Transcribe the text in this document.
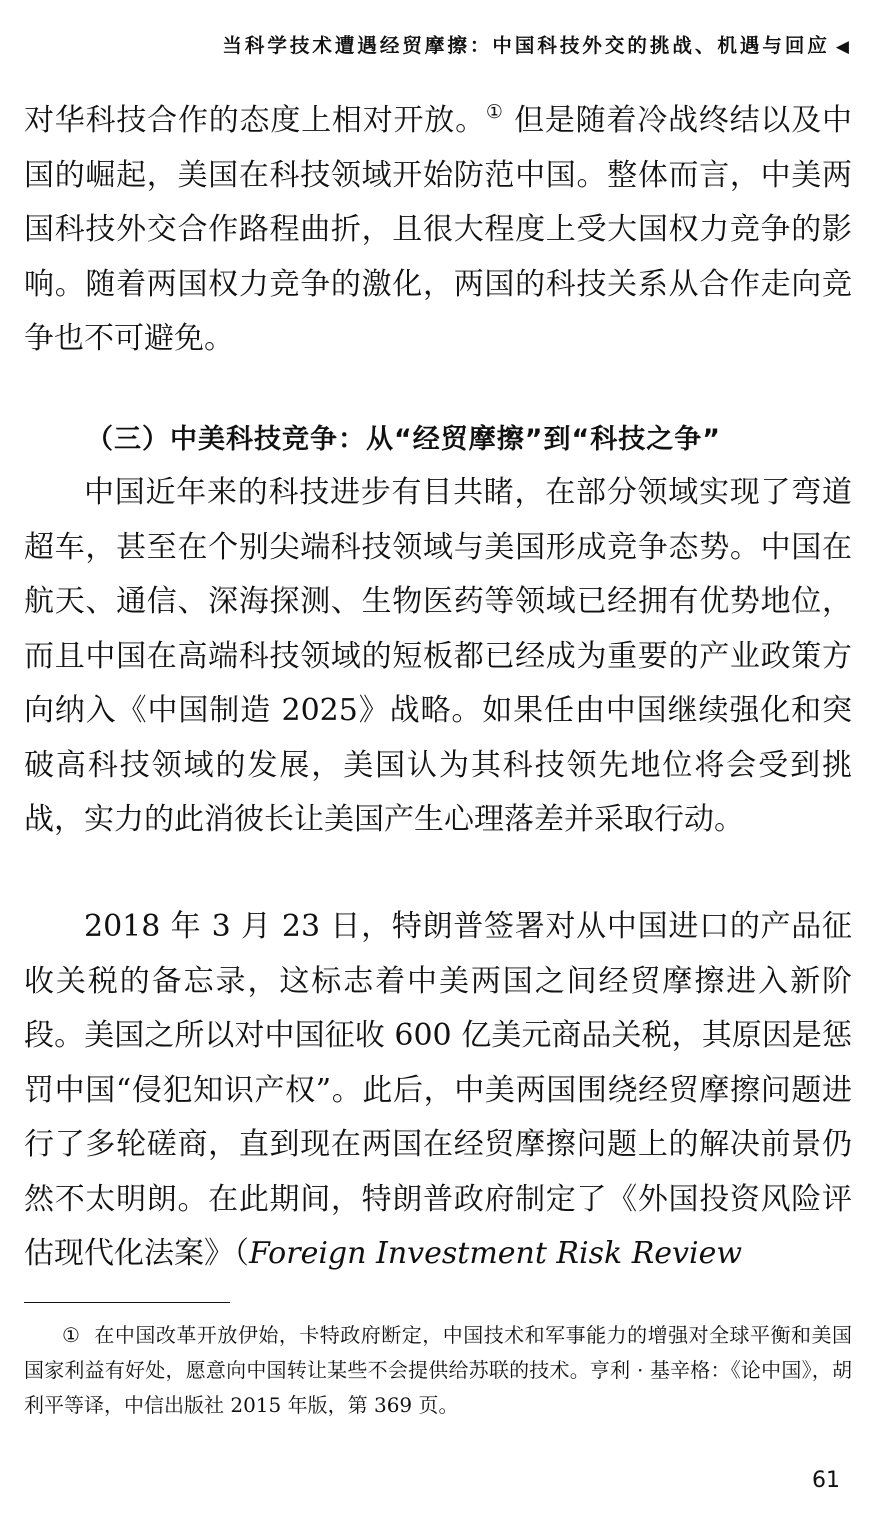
当科学技术遭遇经贸摩擦：中国科技外交的挑战、机遇与回应 ◀

对华科技合作的态度上相对开放。① 但是随着冷战终结以及中国的崛起，美国在科技领域开始防范中国。整体而言，中美两国科技外交合作路程曲折，且很大程度上受大国权力竞争的影响。随着两国权力竞争的激化，两国的科技关系从合作走向竞争也不可避免。

（三）中美科技竞争：从“经贸摩擦”到“科技之争”

中国近年来的科技进步有目共睹，在部分领域实现了弯道超车，甚至在个别尖端科技领域与美国形成竞争态势。中国在航天、通信、深海探测、生物医药等领域已经拥有优势地位，而且中国在高端科技领域的短板都已经成为重要的产业政策方向纳入《中国制造 2025》战略。如果任由中国继续强化和突破高科技领域的发展，美国认为其科技领先地位将会受到挑战，实力的此消彼长让美国产生心理落差并采取行动。

2018 年 3 月 23 日，特朗普签署对从中国进口的产品征收关税的备忘录，这标志着中美两国之间经贸摩擦进入新阶段。美国之所以对中国征收 600 亿美元商品关税，其原因是惩罚中国“侵犯知识产权”。此后，中美两国围绕经贸摩擦问题进行了多轮磋商，直到现在两国在经贸摩擦问题上的解决前景仍然不太明朗。在此期间，特朗普政府制定了《外国投资风险评估现代化法案》（Foreign Investment Risk Review

① 在中国改革开放伊始，卡特政府断定，中国技术和军事能力的增强对全球平衡和美国国家利益有好处，愿意向中国转让某些不会提供给苏联的技术。亨利 · 基辛格：《论中国》，胡利平等译，中信出版社 2015 年版，第 369 页。

61
